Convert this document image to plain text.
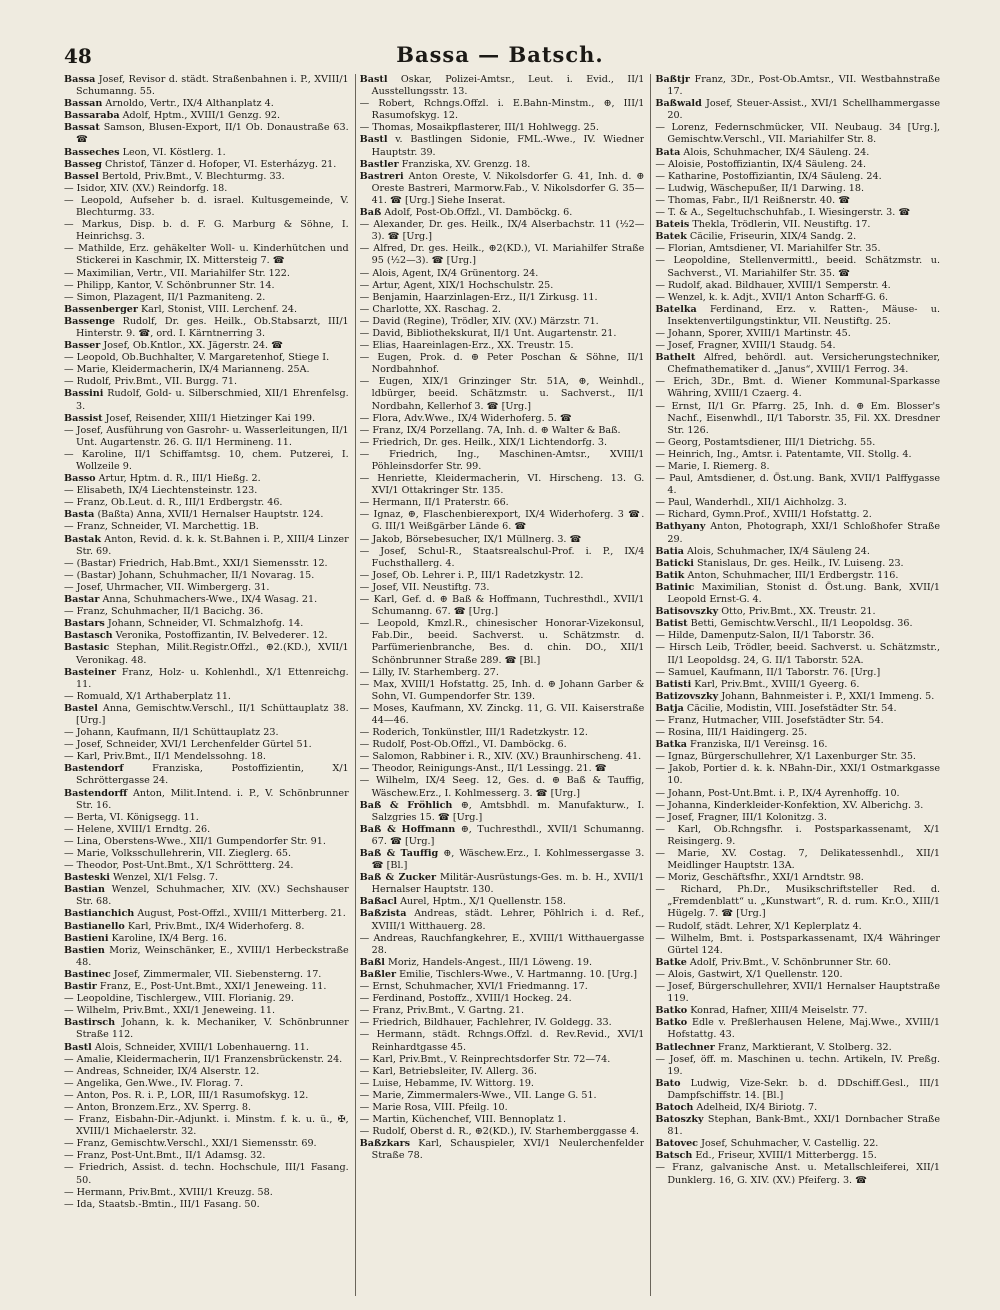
48	Bassa — Batsch.

Bassa Josef, Revisor d. städt. Straßenbahnen i. P., XVIII/1 Schumanng. 55.

Bassan Arnoldo, Vertr., IX/4 Althanplatz 4.

Bassaraba Adolf, Hptm., XVIII/1 Genzg. 92.

Bassat Samson, Blusen-Export, II/1 Ob. Donaustraße 63. ☎

Basseches Leon, VI. Köstlerg. 1.

Basseg Christof, Tänzer d. Hofoper, VI. Esterházyg. 21.

Bassel Bertold, Priv.Bmt., V. Blechturmg. 33.

— Isidor, XIV. (XV.) Reindorfg. 18.

— Leopold, Aufseher b. d. israel. Kultusgemeinde, V. Blechturmg. 33.

— Markus, Disp. b. d. F. G. Marburg & Söhne, I. Heinrichsg. 3.

— Mathilde, Erz. gehäkelter Woll- u. Kinderhütchen und Stickerei in Kaschmir, IX. Mittersteig 7. ☎

— Maximilian, Vertr., VII. Mariahilfer Str. 122.

— Philipp, Kantor, V. Schönbrunner Str. 14.

— Simon, Plazagent, II/1 Pazmaniteng. 2.

Bassenberger Karl, Stonist, VIII. Lerchenf. 24.

Bassenge Rudolf, Dr. ges. Heilk., Ob.Stabsarzt, III/1 Hinterstr. 9. ☎, ord. I. Kärntnerring 3.

Basser Josef, Ob.Kntlor., XX. Jägerstr. 24. ☎

— Leopold, Ob.Buchhalter, V. Margaretenhof, Stiege I.

— Marie, Kleidermacherin, IX/4 Marianneng. 25A.

— Rudolf, Priv.Bmt., VII. Burgg. 71.

Bassini Rudolf, Gold- u. Silberschmied, XII/1 Ehrenfelsg. 3.

Bassist Josef, Reisender, XIII/1 Hietzinger Kai 199.

— Josef, Ausführung von Gasrohr- u. Wasserleitungen, II/1 Unt. Augartenstr. 26. G. II/1 Hermineng. 11.

— Karoline, II/1 Schiffamtsg. 10, chem. Putzerei, I. Wollzeile 9.

Basso Artur, Hptm. d. R., III/1 Hießg. 2.

— Elisabeth, IX/4 Liechtensteinstr. 123.

— Franz, Ob.Leut. d. R., III/1 Erdbergstr. 46.

Basta (Baßta) Anna, XVII/1 Hernalser Hauptstr. 124.

— Franz, Schneider, VI. Marchettig. 1B.

Bastak Anton, Revid. d. k. k. St.Bahnen i. P., XIII/4 Linzer Str. 69.

— (Bastar) Friedrich, Hab.Bmt., XXI/1 Siemensstr. 12.

— (Bastar) Johann, Schuhmacher, II/1 Novarag. 15.

— Josef, Uhrmacher, VII. Wimbergerg. 31.

Bastar Anna, Schuhmachers-Wwe., IX/4 Wasag. 21.

— Franz, Schuhmacher, II/1 Bacichg. 36.

Bastars Johann, Schneider, VI. Schmalzhofg. 14.

Bastasch Veronika, Postoffizantin, IV. Belvederег. 12.

Bastasic Stephan, Milit.Registr.Offzl., ⊕2.(KD.), XVII/1 Veronikag. 48.

Basteiner Franz, Holz- u. Kohlenhdl., X/1 Ettenreichg. 11.

— Romuald, X/1 Arthaberplatz 11.

Bastel Anna, Gemischtw.Verschl., II/1 Schüttauplatz 38. [Urg.]

— Johann, Kaufmann, II/1 Schüttauplatz 23.

— Josef, Schneider, XVI/1 Lerchenfelder Gürtel 51.

— Karl, Priv.Bmt., II/1 Mendelssohng. 18.

Bastendorf	Franziska, Postoffizientin, X/1 Schröttergasse 24.

Bastendorff Anton, Milit.Intend. i. P., V. Schönbrunner Str. 16.

— Berta, VI. Königsegg. 11.

— Helene, XVIII/1 Erndtg. 26.

— Lina, Oberstens-Wwe., XII/1 Gumpendorfer Str. 91.

— Marie, Volksschullehrerin, VII. Zieglerg. 65.

— Theodor, Post-Unt.Bmt., X/1 Schröttterg. 24.

Basteski Wenzel, XI/1 Felsg. 7.

Bastian Wenzel, Schuhmacher, XIV. (XV.) Sechshauser Str. 68.

Bastianchich August, Post-Offzl., XVIII/1 Mitterberg. 21.

Bastianello Karl, Priv.Bmt., IX/4 Widerhoferg. 8.

Bastieni Karoline, IX/4 Berg. 16.

Bastien Moriz, Weinschänker, E., XVIII/1 Herbeckstraße 48.

Bastinec Josef, Zimmermaler, VII. Siebensterng. 17.

Bastir Franz, E., Post-Unt.Bmt., XXI/1 Jeneweing. 11.

— Leopoldine, Tischlergew., VIII. Florianig. 29.

— Wilhelm, Priv.Bmt., XXI/1 Jeneweing. 11.

Bastirsch Johann, k. k. Mechaniker, V. Schönbrunner Straße 112.

Bastl Alois, Schneider, XVIII/1 Lobenhauerng. 11.

— Amalie, Kleidermacherin, II/1 Franzensbrückenstr. 24.

— Andreas, Schneider, IX/4 Alserstr. 12.

— Angelika, Gen.Wwe., IV. Florag. 7.

— Anton, Pos. R. i. P., LOR, III/1 Rasumofskyg. 12.

— Anton, Bronzem.Erz., XV. Sperrg. 8.

— Franz, Eisbahn-Dir.-Adjunkt. i. Minstm. f. k. u. ü., ✠, XVIII/1 Michaelerstr. 32.

— Franz, Gemischtw.Verschl., XXI/1 Siemensstr. 69.

— Franz, Post-Unt.Bmt., II/1 Adamsg. 32.

— Friedrich, Assist. d. techn. Hochschule, III/1 Fasang. 50.

— Hermann, Priv.Bmt., XVIII/1 Kreuzg. 58.

— Ida, Staatsb.-Bmtin., III/1 Fasang. 50.

Bastl Oskar, Polizei-Amtsr., Leut. i. Evid., II/1 Ausstellungsstr. 13.

— Robert, Rchngs.Offzl. i. E.Bahn-Minstm., ⊕, III/1 Rasumofskyg. 12.

— Thomas, Mosaikpflasterer, III/1 Hohlwegg. 25.

Bastl v. Bastlingen Sidonie, FML.-Wwe., IV. Wiedner Hauptstr. 39.

Bastler Franziska, XV. Grenzg. 18.

Bastreri Anton Oreste, V. Nikolsdorfer G. 41, Inh. d. ⊕ Oreste Bastreri, Marmorw.Fab., V. Nikolsdorfer G. 35—41. ☎ [Urg.] Siehe Inserat.

Baß Adolf, Post-Ob.Offzl., VI. Damböckg. 6.

— Alexander, Dr. ges. Heilk., IX/4 Alserbachstr. 11 (½2—3). ☎ [Urg.]

— Alfred, Dr. ges. Heilk., ⊕2(KD.), VI. Mariahilfer Straße 95 (½2—3). ☎ [Urg.]

— Alois, Agent, IX/4 Grünentorg. 24.

— Artur, Agent, XIX/1 Hochschulstr. 25.

— Benjamin, Haarzinlagen-Erz., II/1 Zirkusg. 11.

— Charlotte, XX. Raschag. 2.

— David (Regine), Trödler, XIV. (XV.) Märzstr. 71.

— David, Bibliothekskurat, II/1 Unt. Augartenstr. 21.

— Elias, Haareinlagen-Erz., XX. Treustr. 15.

— Eugen, Prok. d. ⊕ Peter Poschan & Söhne, II/1 Nordbahnhof.

— Eugen, XIX/1 Grinzinger Str. 51A, ⊕, Weinhdl., ldbürger, beeid. Schätzmstr. u. Sachverst., II/1 Nordbahn, Kellerhof 3. ☎ [Urg.]

— Flora, Adv.Wwe., IX/4 Widerhoferg. 5. ☎

— Franz, IX/4 Porzellang. 7A, Inh. d. ⊕ Walter & Baß.

— Friedrich, Dr. ges. Heilk., XIX/1 Lichtendorfg. 3.

— Friedrich, Ing., Maschinen-Amtsr., XVIII/1 Pöhleinsdorfer Str. 99.

— Henriette, Kleidermacherin, VI. Hirscheng. 13. G. XVI/1 Ottakringer Str. 135.

— Hermann, II/1 Praterstr. 66.

— Ignaz, ⊕, Flaschenbierexport, IX/4 Widerhoferg. 3 ☎. G. III/1 Weißgärber Lände 6. ☎

— Jakob, Börsebesucher, IX/1 Müllnerg. 3. ☎

— Josef, Schul-R., Staatsrealschul-Prof. i. P., IX/4 Fuchsthallerg. 4.

— Josef, Ob. Lehrer i. P., III/1 Radetzkystr. 12.

— Josef, VII. Neustiftg. 73.

— Karl, Gef. d. ⊕ Baß & Hoffmann, Tuchresthdl., XVII/1 Schumanng. 67. ☎ [Urg.]

— Leopold, Kmzl.R., chinesischer Honorar-Vizekonsul, Fab.Dir., beeid. Sachverst. u. Schätzmstr. d. Parfümerienbranche, Bes. d. chin. DO., XII/1 Schönbrunner Straße 289. ☎ [Bl.]

— Lilly, IV. Starhemberg. 27.

— Max, XVIII/1 Hofstattg. 25, Inh. d. ⊕ Johann Garber & Sohn, VI. Gumpendorfer Str. 139.

— Moses, Kaufmann, XV. Zinckg. 11, G. VII. Kaiserstraße 44—46.

— Roderich, Tonkünstler, III/1 Radetzkystr. 12.

— Rudolf, Post-Ob.Offzl., VI. Damböckg. 6.

— Salomon, Rabbiner i. R., XIV. (XV.) Braunhirscheng. 41.

— Theodor, Reinigungs-Anst., II/1 Lessingg. 21. ☎

— Wilhelm, IX/4 Seeg. 12, Ges. d. ⊕ Baß & Tauffig, Wäschew.Erz., I. Kohlmesserg. 3. ☎ [Urg.]

Baß & Fröhlich ⊕, Amtsbhdl. m. Manufakturw., I. Salzgries 15. ☎ [Urg.]

Baß & Hoffmann ⊕, Tuchresthdl., XVII/1 Schumanng. 67. ☎ [Urg.]

Baß & Tauffig ⊕, Wäschew.Erz., I. Kohlmessergasse 3. ☎ [Bl.]

Baß & Zucker Militär-Ausrüstungs-Ges. m. b. H., XVII/1 Hernalser Hauptstr. 130.

Baßacl Aurel, Hptm., X/1 Quellenstr. 158.

Baßzista Andreas, städt. Lehrer, Pöhlrich i. d. Ref., XVIII/1 Witthauerg. 28.

— Andreas, Rauchfangkehrer, E., XVIII/1 Witthauergasse 28.

Baßl Moriz, Handels-Angest., III/1 Löweng. 19.

Baßler Emilie, Tischlers-Wwe., V. Hartmanng. 10. [Urg.]

— Ernst, Schuhmacher, XVI/1 Friedmanng. 17.

— Ferdinand, Postoffz., XVIII/1 Hockeg. 24.

— Franz, Priv.Bmt., V. Gartng. 21.

— Friedrich, Bildhauer, Fachlehrer, IV. Goldegg. 33.

— Hermann, städt. Rchngs.Offzl. d. Rev.Revid., XVI/1 Reinhardtgasse 45.

— Karl, Priv.Bmt., V. Reinprechtsdorfer Str. 72—74.

— Karl, Betriebsleiter, IV. Allerg. 36.

— Luise, Hebamme, IV. Wittorg. 19.

— Marie, Zimmermalers-Wwe., VII. Lange G. 51.

— Marie Rosa, VIII. Pfeilg. 10.

— Martin, Küchenchef, VIII. Bennoplatz 1.

— Rudolf, Oberst d. R., ⊕2(KD.), IV. Starhemberggasse 4.

Baßzkars Karl, Schauspieler, XVI/1 Neulerchenfelder Straße 78.

Baßtjr Franz, 3Dr., Post-Ob.Amtsr., VII. Westbahnstraße 17.

Baßwald Josef, Steuer-Assist., XVI/1 Schellhammergasse 20.

— Lorenz, Federnschmücker, VII. Neubaug. 34 [Urg.], Gemischtw.Verschl., VII. Mariahilfer Str. 8.

Bata Alois, Schuhmacher, IX/4 Säuleng. 24.

— Aloisie, Postoffiziantin, IX/4 Säuleng. 24.

— Katharine, Postoffiziantin, IX/4 Säuleng. 24.

— Ludwig, Wäschepußer, II/1 Darwing. 18.

— Thomas, Fabr., II/1 Reißnerstr. 40. ☎

— T. & A., Segeltuchschuhfab., I. Wiesingerstr. 3. ☎

Bateis Thekla, Trödlerin, VII. Neustiftg. 17.

Batek Cäcilie, Friseurin, XIX/4 Sandg. 2.

— Florian, Amtsdiener, VI. Mariahilfer Str. 35.

— Leopoldine, Stellenvermittl., beeid. Schätzmstr. u. Sachverst., VI. Mariahilfer Str. 35. ☎

— Rudolf, akad. Bildhauer, XVIII/1 Semperstr. 4.

— Wenzel, k. k. Adjt., XVII/1 Anton Scharff-G. 6.

Batelka Ferdinand, Erz. v. Ratten-, Mäuse- u. Insektenvertilgungstinktur, VII. Neustiftg. 25.

— Johann, Sporer, XVIII/1 Martinstr. 45.

— Josef, Fragner, XVIII/1 Staudg. 54.

Bathelt Alfred, behördl. aut. Versicherungstechniker, Chefmathematiker d. „Janus“, XVIII/1 Ferrog. 34.

— Erich, 3Dr., Bmt. d. Wiener Kommunal-Sparkasse Währing, XVIII/1 Czaerg. 4.

— Ernst, II/1 Gr. Pfarrg. 25, Inh. d. ⊕ Em. Blosser's Nachf., Eisenwhdl., II/1 Taborstr. 35, Fil. XX. Dresdner Str. 126.

— Georg, Postamtsdiener, III/1 Dietrichg. 55.

— Heinrich, Ing., Amtsr. i. Patentamte, VII. Stollg. 4.

— Marie, I. Riemerg. 8.

— Paul, Amtsdiener, d. Öst.ung. Bank, XVII/1 Palffygasse 4.

— Paul, Wanderhdl., XII/1 Aichholzg. 3.

— Richard, Gymn.Prof., XVIII/1 Hofstattg. 2.

Bathyany Anton, Photograph, XXI/1 Schloßhofer Straße 29.

Batia Alois, Schuhmacher, IX/4 Säuleng 24.

Baticki Stanislaus, Dr. ges. Heilk., IV. Luiseng. 23.

Batik Anton, Schuhmacher, III/1 Erdbergstr. 116.

Batinic Maximilian, Stonist d. Öst.ung. Bank, XVII/1 Leopold Ernst-G. 4.

Batisovszky Otto, Priv.Bmt., XX. Treustr. 21.

Batist Betti, Gemischtw.Verschl., II/1 Leopoldsg. 36.

— Hilde, Damenputz-Salon, II/1 Taborstr. 36.

— Hirsch Leib, Trödler, beeid. Sachverst. u. Schätzmstr., II/1 Leopoldsg. 24, G. II/1 Taborstr. 52A.

— Samuel, Kaufmann, II/1 Taborstr. 76. [Urg.]

Batisti Karl, Priv.Bmt., XVIII/1 Gyeerg. 6.

Batizovszky Johann, Bahnmeister i. P., XXI/1 Immeng. 5.

Batja Cäcilie, Modistin, VIII. Josefstädter Str. 54.

— Franz, Hutmacher, VIII. Josefstädter Str. 54.

— Rosina, III/1 Haidingerg. 25.

Batka Franziska, II/1 Vereinsg. 16.

— Ignaz, Bürgerschullehrer, X/1 Laxenburger Str. 35.

— Jakob, Portier d. k. k. NBahn-Dir., XXI/1 Ostmarkgasse 10.

— Johann, Post-Unt.Bmt. i. P., IX/4 Ayrenhoffg. 10.

— Johanna, Kinderkleider-Konfektion, XV. Alberichg. 3.

— Josef, Fragner, III/1 Kolonitzg. 3.

— Karl, Ob.Rchngsfhr. i. Postsparkassenamt, X/1 Reisingerg. 9.

— Marie, XV. Costag. 7, Delikatessenhdl., XII/1 Meidlinger Hauptstr. 13A.

— Moriz, Geschäftsfhr., XXI/1 Arndtstr. 98.

— Richard, Ph.Dr., Musikschriftsteller Red. d. „Fremdenblatt“ u. „Kunstwart“, R. d. rum. Kr.O., XIII/1 Hügelg. 7. ☎ [Urg.]

— Rudolf, städt. Lehrer, X/1 Keplerplatz 4.

— Wilhelm, Bmt. i. Postsparkassenamt, IX/4 Währinger Gürtel 124.

Batke Adolf, Priv.Bmt., V. Schönbrunner Str. 60.

— Alois, Gastwirt, X/1 Quellenstr. 120.

— Josef, Bürgerschullehrer, XVII/1 Hernalser Hauptstraße 119.

Batko Konrad, Hafner, XIII/4 Meiselstr. 77.

Batko Edle v. Preßlerhausen Helene, Maj.Wwe., XVIII/1 Hofstattg. 43.

Batlechner Franz, Marktierant, V. Stolberg. 32.

— Josef, öff. m. Maschinen u. techn. Artikeln, IV. Preßg. 19.

Bato Ludwig, Vize-Sekr. b. d. DDschiff.Gesl., III/1 Dampfschiffstr. 14. [Bl.]

Batoch Adelheid, IX/4 Biriotg. 7.

Batoszky Stephan, Bank-Bmt., XXI/1 Dornbacher Straße 81.

Batovec Josef, Schuhmacher, V. Castellig. 22.

Batsch Ed., Friseur, XVIII/1 Mitterbergg. 15.

— Franz, galvanische Anst. u. Metallschleiferei, XII/1 Dunklerg. 16, G. XIV. (XV.) Pfeiferg. 3. ☎
